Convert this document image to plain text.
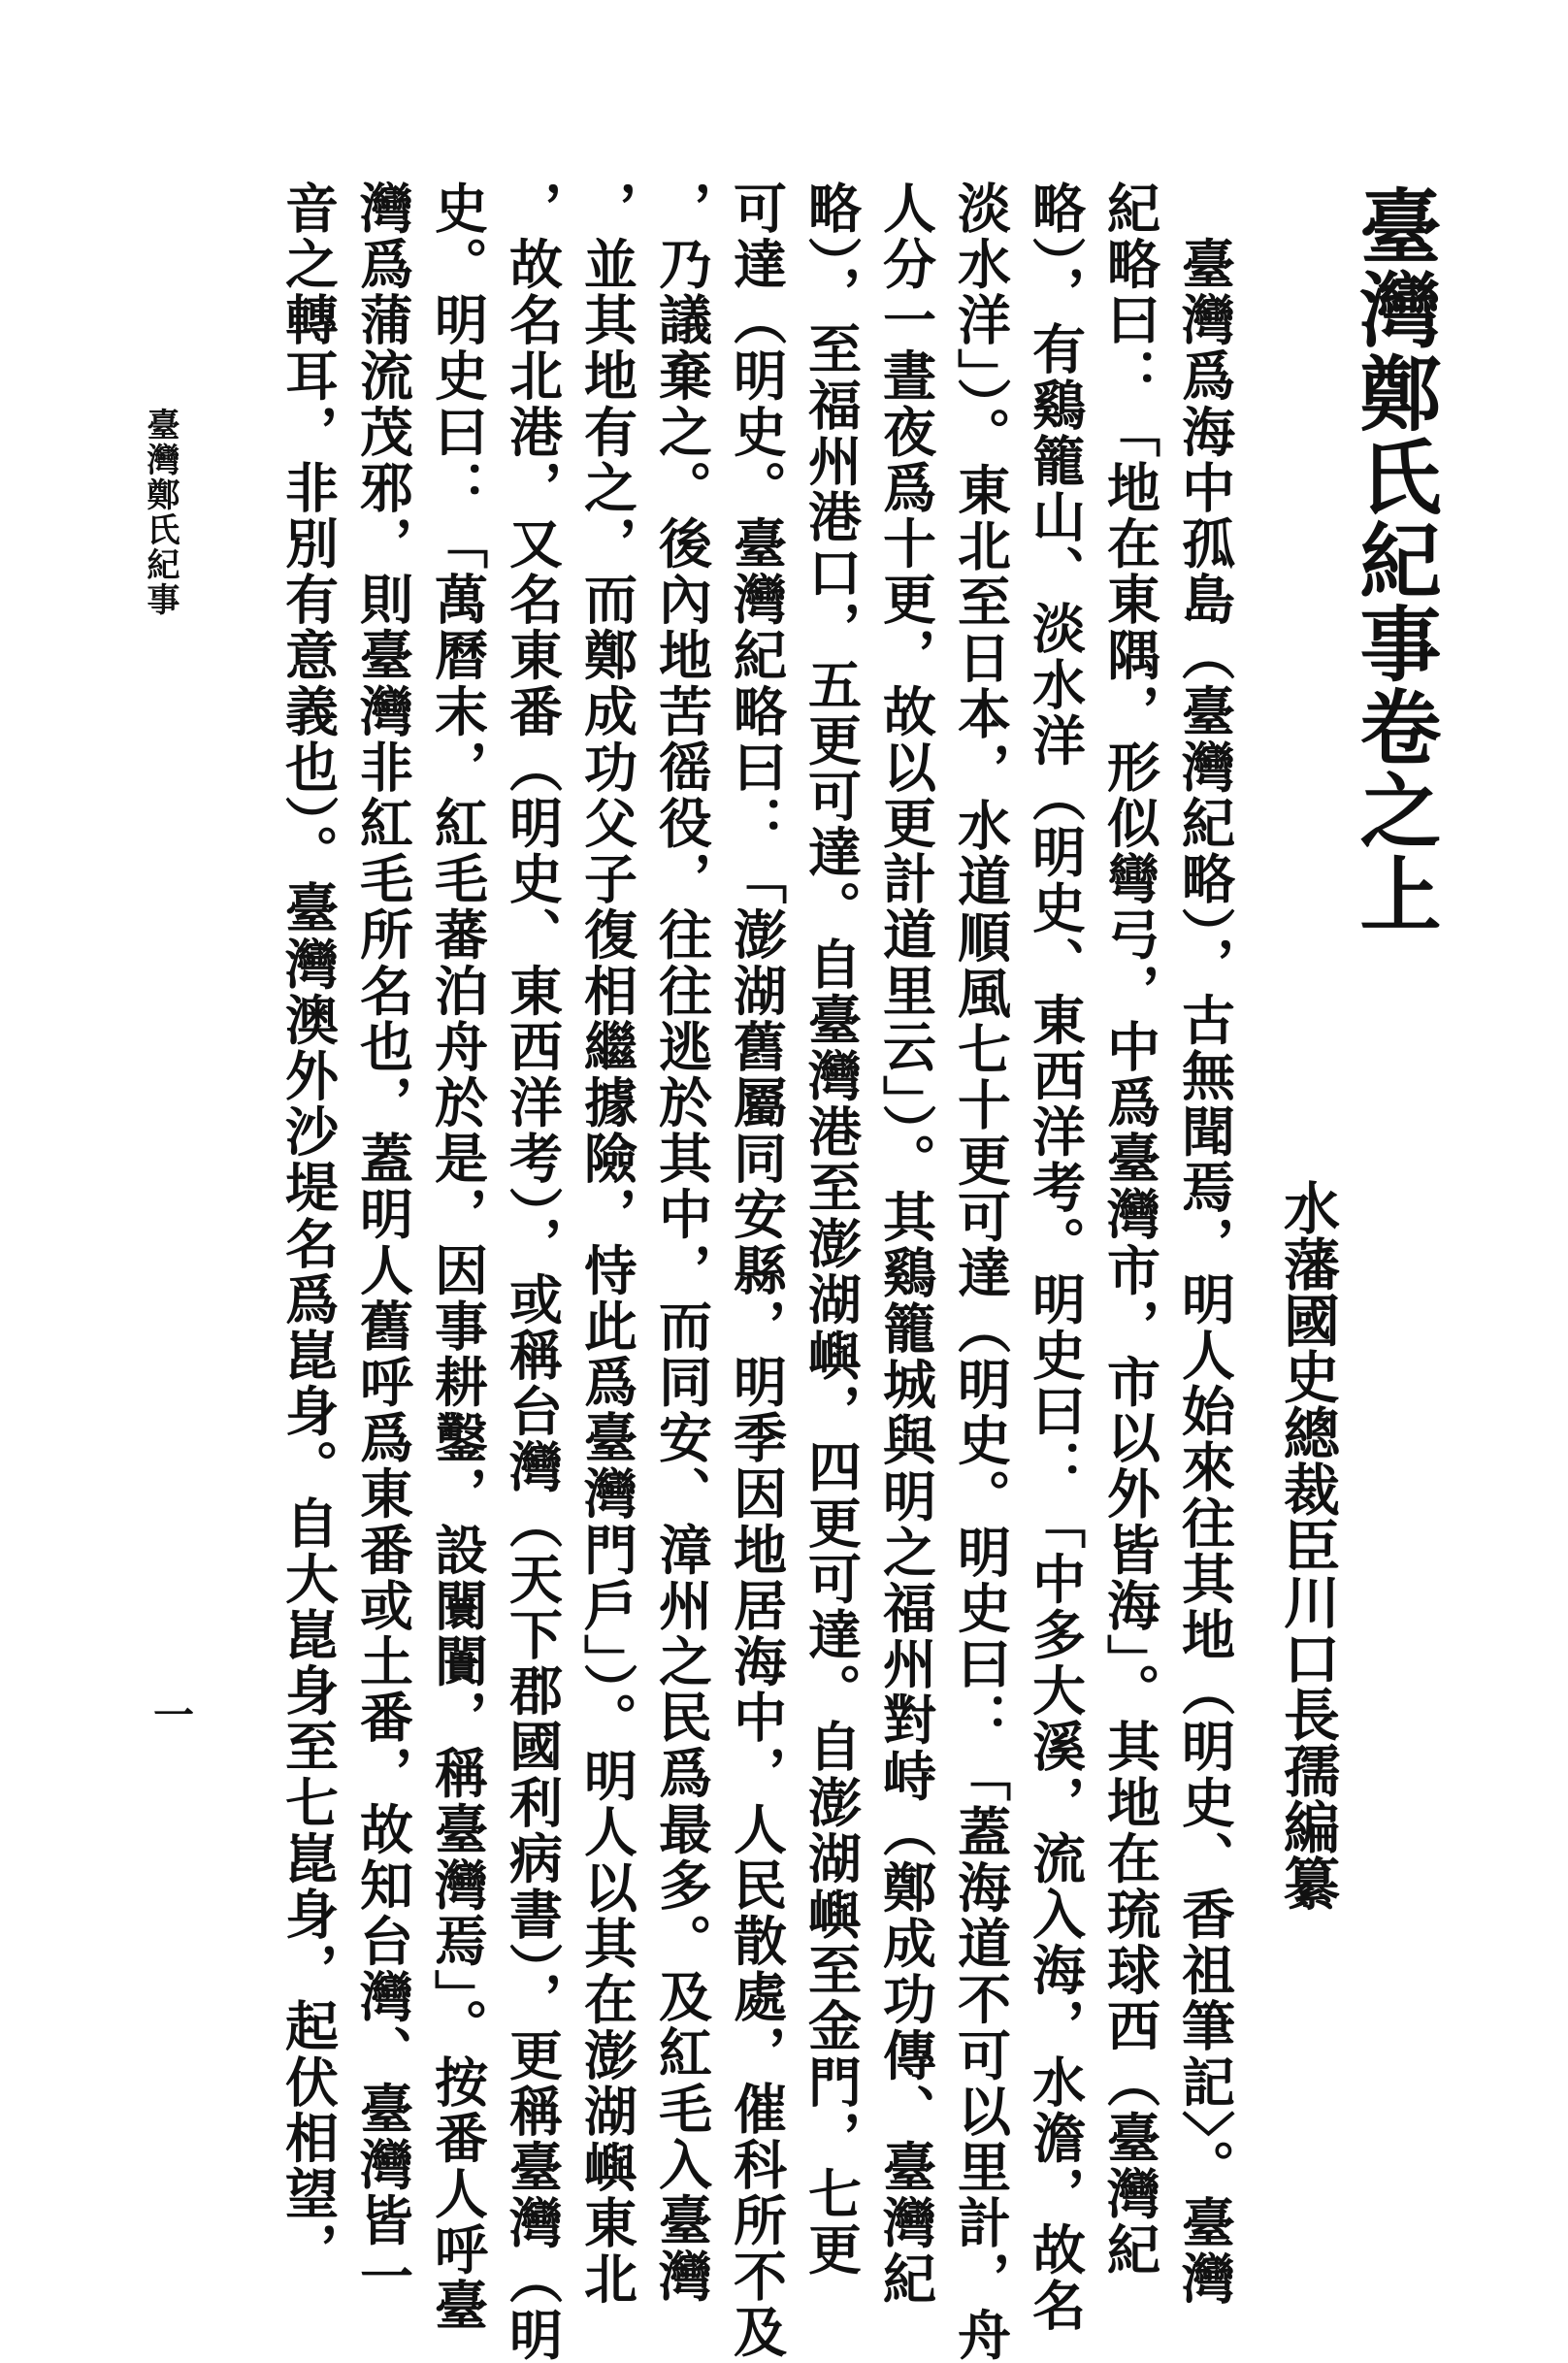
臺灣鄭氏紀事卷之上
水藩國史總裁臣川口長孺編纂
　臺灣爲海中孤島（臺灣紀略），古無聞焉，明人始來往其地（明史、香祖筆記〉。臺灣
紀略曰：「地在東隅，形似彎弓，中爲臺灣市，市以外皆海」。其地在琉球西（臺灣紀
略），有鷄籠山、淡水洋（明史、東西洋考。明史曰：「中多大溪，流入海，水澹，故名
淡水洋」）。東北至日本，水道順風七十更可達（明史。明史曰：「蓋海道不可以里計，舟
人分一晝夜爲十更，故以更計道里云」）。其鷄籠城與明之福州對峙（鄭成功傳、臺灣紀
略），至福州港口，五更可達。自臺灣港至澎湖嶼，四更可達。自澎湖嶼至金門，七更
可達（明史。臺灣紀略曰：「澎湖舊屬同安縣，明季因地居海中，人民散處，催科所不及
，乃議棄之。後內地苦徭役，往往逃於其中，而同安、漳州之民爲最多。及紅毛入臺灣
，並其地有之，而鄭成功父子復相繼據險，恃此爲臺灣門戶」）。明人以其在澎湖嶼東北
，故名北港，又名東番（明史、東西洋考），或稱台灣（天下郡國利病書），更稱臺灣（明
史。明史曰：「萬曆末，紅毛蕃泊舟於是，因事耕鑿，設闤闠，稱臺灣焉」。按番人呼臺
灣爲蒲流茂邪，則臺灣非紅毛所名也，蓋明人舊呼爲東番或土番，故知台灣、臺灣皆一
音之轉耳，非別有意義也）。臺灣澳外沙堤名爲崑身。自大崑身至七崑身，起伏相望，
臺灣鄭氏紀事
一
